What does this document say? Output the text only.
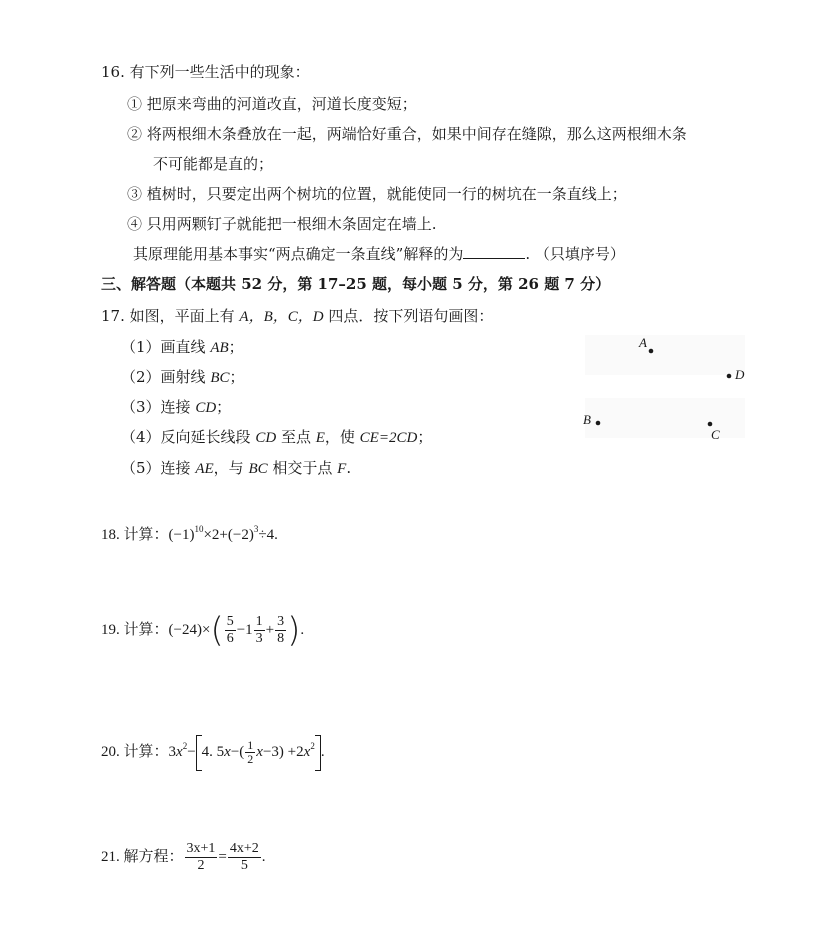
16. 有下列一些生活中的现象：
① 把原来弯曲的河道改直，河道长度变短；
② 将两根细木条叠放在一起，两端恰好重合，如果中间存在缝隙，那么这两根细木条
不可能都是直的；
③ 植树时，只要定出两个树坑的位置，就能使同一行的树坑在一条直线上；
④ 只用两颗钉子就能把一根细木条固定在墙上.
其原理能用基本事实“两点确定一条直线”解释的为	. （只填序号）
三、解答题（本题共 52 分，第 17–25 题，每小题 5 分，第 26 题 7 分）
17. 如图，平面上有 A，B，C，D 四点．按下列语句画图：
（1）画直线 AB；
（2）画射线 BC；
（3）连接 CD；
（4）反向延长线段 CD 至点 E，使 CE=2CD；
（5）连接 AE，与 BC 相交于点 F.
A
D
B
C
18. 计算：$(-1)^{10}\times 2+(-2)^3\div 4$.
19. 计算：$(-24)\times( \frac{5}{6} -1 \frac{1}{3} + \frac{3}{8}$ ).
20. 计算：$3x^2- 4$. $5x-( \frac{1}{2} x-3) +2x^2$ .
21. 解方程： $\frac{3x+1}{2} = \frac{4x+2}{5}$ .
